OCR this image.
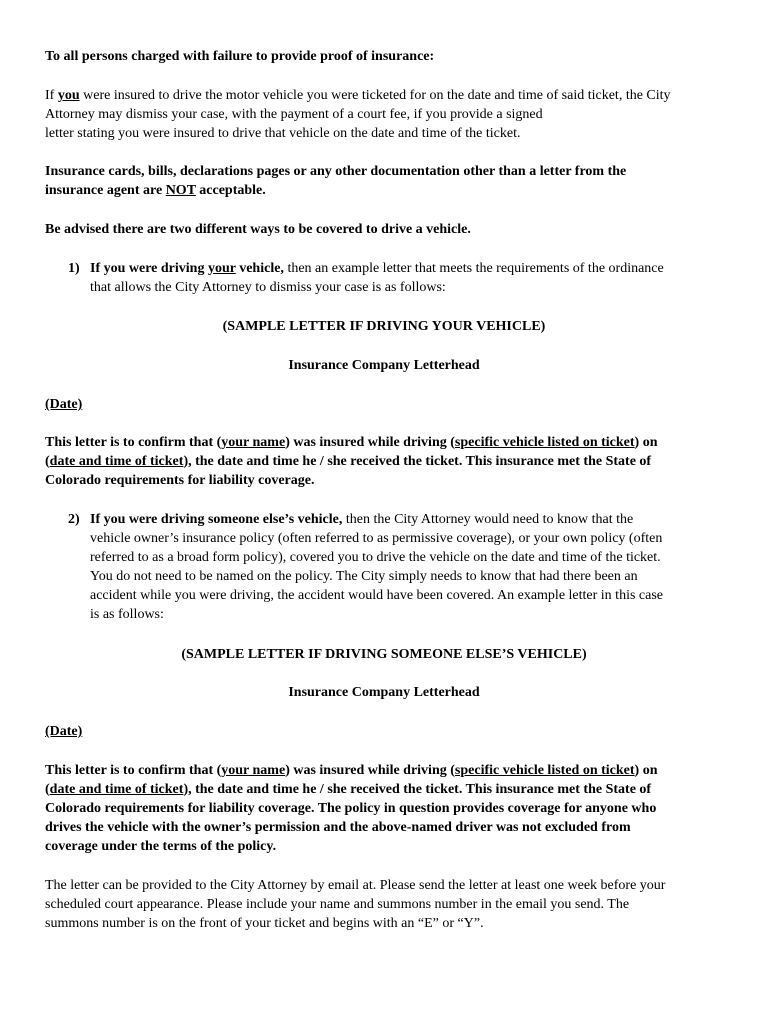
To all persons charged with failure to provide proof of insurance:

If you were insured to drive the motor vehicle you were ticketed for on the date and time of said ticket, the City
Attorney may dismiss your case, with the payment of a court fee, if you provide a signed
letter stating you were insured to drive that vehicle on the date and time of the ticket.
Insurance cards, bills, declarations pages or any other documentation other than a letter from the
insurance agent are NOT acceptable.

Be advised there are two different ways to be covered to drive a vehicle.

1) If you were driving your vehicle, then an example letter that meets the requirements of the ordinance
that allows the City Attorney to dismiss your case is as follows:

(SAMPLE LETTER IF DRIVING YOUR VEHICLE)

Insurance Company Letterhead

(Date)

This letter is to confirm that (your name) was insured while driving (specific vehicle listed on ticket) on
(date and time of ticket), the date and time he / she received the ticket. This insurance met the State of
Colorado requirements for liability coverage.
2) If you were driving someone else’s vehicle, then the City Attorney would need to know that the
vehicle owner’s insurance policy (often referred to as permissive coverage), or your own policy (often
referred to as a broad form policy), covered you to drive the vehicle on the date and time of the ticket.
You do not need to be named on the policy. The City simply needs to know that had there been an
accident while you were driving, the accident would have been covered. An example letter in this case
is as follows:

(SAMPLE LETTER IF DRIVING SOMEONE ELSE’S VEHICLE)

Insurance Company Letterhead

(Date)

This letter is to confirm that (your name) was insured while driving (specific vehicle listed on ticket) on
(date and time of ticket), the date and time he / she received the ticket. This insurance met the State of
Colorado requirements for liability coverage. The policy in question provides coverage for anyone who
drives the vehicle with the owner’s permission and the above-named driver was not excluded from
coverage under the terms of the policy.
The letter can be provided to the City Attorney by email at. Please send the letter at least one week before your
scheduled court appearance. Please include your name and summons number in the email you send. The
summons number is on the front of your ticket and begins with an “E” or “Y”.
